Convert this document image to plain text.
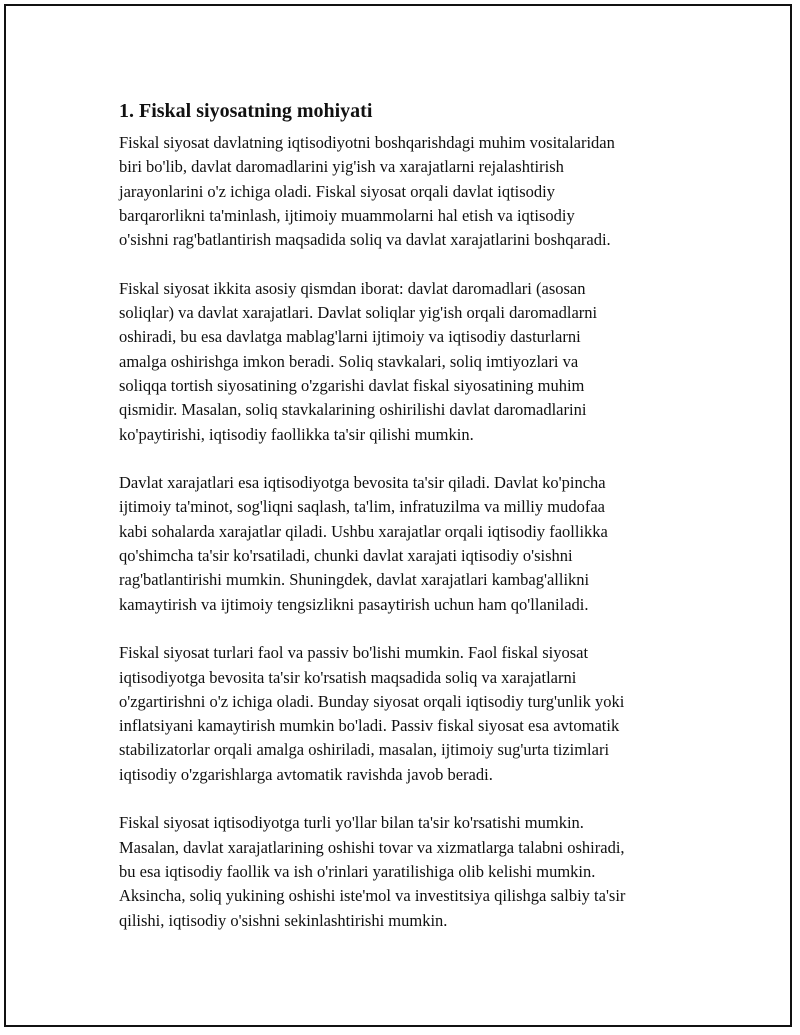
1. Fiskal siyosatning mohiyati

Fiskal siyosat davlatning iqtisodiyotni boshqarishdagi muhim vositalaridan
biri bo'lib, davlat daromadlarini yig'ish va xarajatlarni rejalashtirish
jarayonlarini o'z ichiga oladi. Fiskal siyosat orqali davlat iqtisodiy
barqarorlikni ta'minlash, ijtimoiy muammolarni hal etish va iqtisodiy
o'sishni rag'batlantirish maqsadida soliq va davlat xarajatlarini boshqaradi.

Fiskal siyosat ikkita asosiy qismdan iborat: davlat daromadlari (asosan
soliqlar) va davlat xarajatlari. Davlat soliqlar yig'ish orqali daromadlarni
oshiradi, bu esa davlatga mablag'larni ijtimoiy va iqtisodiy dasturlarni
amalga oshirishga imkon beradi. Soliq stavkalari, soliq imtiyozlari va
soliqqa tortish siyosatining o'zgarishi davlat fiskal siyosatining muhim
qismidir. Masalan, soliq stavkalarining oshirilishi davlat daromadlarini
ko'paytirishi, iqtisodiy faollikka ta'sir qilishi mumkin.

Davlat xarajatlari esa iqtisodiyotga bevosita ta'sir qiladi. Davlat ko'pincha
ijtimoiy ta'minot, sog'liqni saqlash, ta'lim, infratuzilma va milliy mudofaa
kabi sohalarda xarajatlar qiladi. Ushbu xarajatlar orqali iqtisodiy faollikka
qo'shimcha ta'sir ko'rsatiladi, chunki davlat xarajati iqtisodiy o'sishni
rag'batlantirishi mumkin. Shuningdek, davlat xarajatlari kambag'allikni
kamaytirish va ijtimoiy tengsizlikni pasaytirish uchun ham qo'llaniladi.

Fiskal siyosat turlari faol va passiv bo'lishi mumkin. Faol fiskal siyosat
iqtisodiyotga bevosita ta'sir ko'rsatish maqsadida soliq va xarajatlarni
o'zgartirishni o'z ichiga oladi. Bunday siyosat orqali iqtisodiy turg'unlik yoki
inflatsiyani kamaytirish mumkin bo'ladi. Passiv fiskal siyosat esa avtomatik
stabilizatorlar orqali amalga oshiriladi, masalan, ijtimoiy sug'urta tizimlari
iqtisodiy o'zgarishlarga avtomatik ravishda javob beradi.

Fiskal siyosat iqtisodiyotga turli yo'llar bilan ta'sir ko'rsatishi mumkin.
Masalan, davlat xarajatlarining oshishi tovar va xizmatlarga talabni oshiradi,
bu esa iqtisodiy faollik va ish o'rinlari yaratilishiga olib kelishi mumkin.
Aksincha, soliq yukining oshishi iste'mol va investitsiya qilishga salbiy ta'sir
qilishi, iqtisodiy o'sishni sekinlashtirishi mumkin.
